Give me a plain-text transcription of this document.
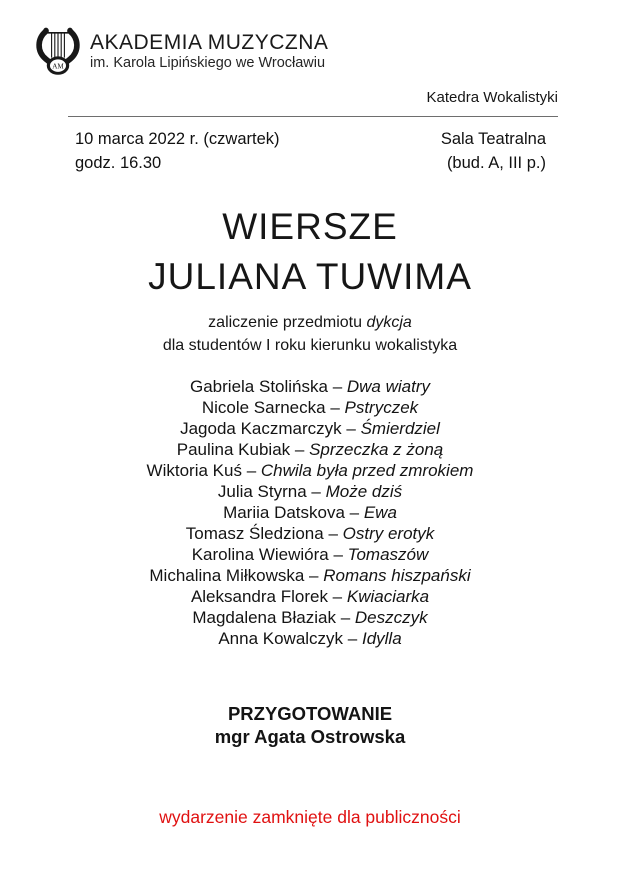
AM
AKADEMIA MUZYCZNA
im. Karola Lipińskiego we Wrocławiu
Katedra Wokalistyki
10 marca 2022 r. (czwartek)
godz. 16.30
Sala Teatralna
(bud. A, III p.)
WIERSZE
JULIANA TUWIMA
zaliczenie przedmiotu dykcja
dla studentów I roku kierunku wokalistyka
Gabriela Stolińska – Dwa wiatry
Nicole Sarnecka – Pstryczek
Jagoda Kaczmarczyk – Śmierdziel
Paulina Kubiak – Sprzeczka z żoną
Wiktoria Kuś – Chwila była przed zmrokiem
Julia Styrna – Może dziś
Mariia Datskova – Ewa
Tomasz Śledziona – Ostry erotyk
Karolina Wiewióra – Tomaszów
Michalina Miłkowska – Romans hiszpański
Aleksandra Florek – Kwiaciarka
Magdalena Błaziak – Deszczyk
Anna Kowalczyk – Idylla
PRZYGOTOWANIE
mgr Agata Ostrowska
wydarzenie zamknięte dla publiczności
